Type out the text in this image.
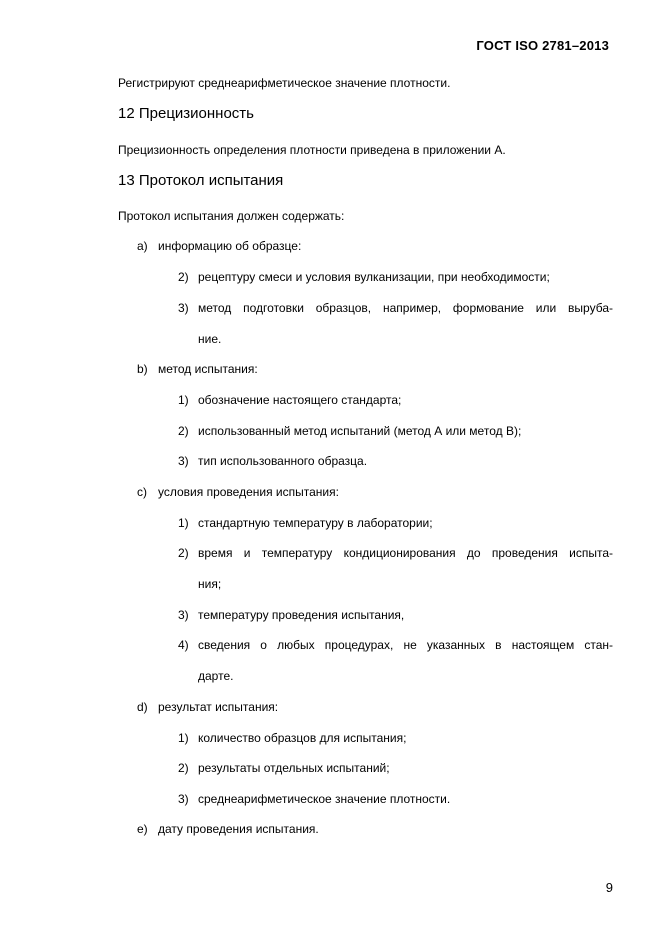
ГОСТ ISO 2781–2013
Регистрируют среднеарифметическое значение плотности.
12 Прецизионность
Прецизионность определения плотности приведена в приложении А.
13 Протокол испытания
Протокол испытания должен содержать:
a) информацию об образце:
2) рецептуру смеси и условия вулканизации, при необходимости;
3) метод подготовки образцов, например, формование или выруба-
ние.
b) метод испытания:
1) обозначение настоящего стандарта;
2) использованный метод испытаний (метод А или метод В);
3) тип использованного образца.
c) условия проведения испытания:
1) стандартную температуру в лаборатории;
2) время и температуру кондиционирования до проведения испыта-
ния;
3) температуру проведения испытания,
4) сведения о любых процедурах, не указанных в настоящем стан-
дарте.
d) результат испытания:
1) количество образцов для испытания;
2) результаты отдельных испытаний;
3) среднеарифметическое значение плотности.
e) дату проведения испытания.
9
